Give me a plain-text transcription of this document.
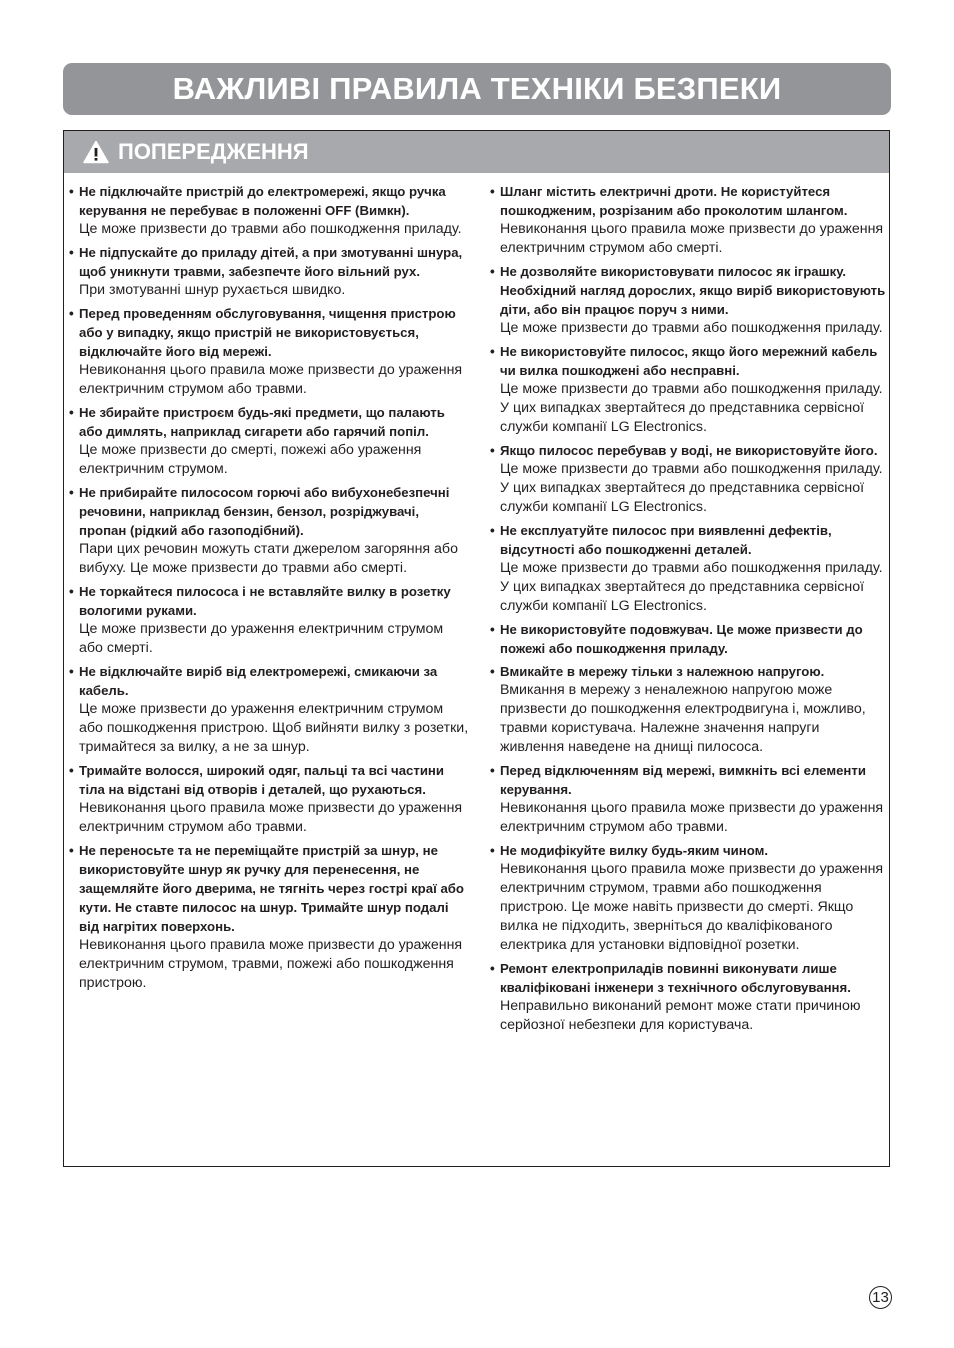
ВАЖЛИВІ ПРАВИЛА ТЕХНІКИ БЕЗПЕКИ
ПОПЕРЕДЖЕННЯ
• Не підключайте пристрій до електромережі, якщо ручка керування не перебуває в положенні OFF (Вимкн).

Це може призвести до травми або пошкодження приладу.

• Не підпускайте до приладу дітей, а при змотуванні шнура, щоб уникнути травми, забезпечте його вільний рух.

При змотуванні шнур рухається швидко.

• Перед проведенням обслуговування, чищення пристрою або у випадку, якщо пристрій не використовується, відключайте його від мережі.

Невиконання цього правила може призвести до ураження електричним струмом або травми.

• Не збирайте пристроєм будь-які предмети, що палають або димлять, наприклад сигарети або гарячий попіл.

Це може призвести до смерті, пожежі або ураження електричним струмом.

• Не прибирайте пилососом горючі або вибухонебезпечні речовини, наприклад бензин, бензол, розріджувачі, пропан (рідкий або газоподібний).

Пари цих речовин можуть стати джерелом загоряння або вибуху. Це може призвести до травми або смерті.

• Не торкайтеся пилососа і не вставляйте вилку в розетку вологими руками.

Це може призвести до ураження електричним струмом або смерті.

• Не відключайте виріб від електромережі, смикаючи за кабель.

Це може призвести до ураження електричним струмом або пошкодження пристрою. Щоб вийняти вилку з розетки, тримайтеся за вилку, а не за шнур.

• Тримайте волосся, широкий одяг, пальці та всі частини тіла на відстані від отворів і деталей, що рухаються.

Невиконання цього правила може призвести до ураження електричним струмом або травми.

• Не переносьте та не переміщайте пристрій за шнур, не використовуйте шнур як ручку для перенесення, не защемляйте його дверима, не тягніть через гострі краї або кути. Не ставте пилосос на шнур. Тримайте шнур подалі від нагрітих поверхонь.

Невиконання цього правила може призвести до ураження електричним струмом, травми, пожежі або пошкодження пристрою.

• Шланг містить електричні дроти. Не користуйтеся пошкодженим, розрізаним або проколотим шлангом.

Невиконання цього правила може призвести до ураження електричним струмом або смерті.

• Не дозволяйте використовувати пилосос як іграшку. Необхідний нагляд дорослих, якщо виріб використовують діти, або він працює поруч з ними.

Це може призвести до травми або пошкодження приладу.

• Не використовуйте пилосос, якщо його мережний кабель чи вилка пошкоджені або несправні.

Це може призвести до травми або пошкодження приладу. У цих випадках звертайтеся до представника сервісної служби компанії LG Electronics.

• Якщо пилосос перебував у воді, не використовуйте його.

Це може призвести до травми або пошкодження приладу. У цих випадках звертайтеся до представника сервісної служби компанії LG Electronics.

• Не експлуатуйте пилосос при виявленні дефектів, відсутності або пошкодженні деталей.

Це може призвести до травми або пошкодження приладу. У цих випадках звертайтеся до представника сервісної служби компанії LG Electronics.

• Не використовуйте подовжувач. Це може призвести до пожежі або пошкодження приладу.

• Вмикайте в мережу тільки з належною напругою.

Вмикання в мережу з неналежною напругою може призвести до пошкодження електродвигуна і, можливо, травми користувача. Належне значення напруги живлення наведене на днищі пилососа.

• Перед відключенням від мережі, вимкніть всі елементи керування.

Невиконання цього правила може призвести до ураження електричним струмом або травми.

• Не модифікуйте вилку будь-яким чином.

Невиконання цього правила може призвести до ураження електричним струмом, травми або пошкодження пристрою. Це може навіть призвести до смерті. Якщо вилка не підходить, зверніться до кваліфікованого електрика для установки відповідної розетки.

• Ремонт електроприладів повинні виконувати лише кваліфіковані інженери з технічного обслуговування.

Неправильно виконаний ремонт може стати причиною серйозної небезпеки для користувача.

13
